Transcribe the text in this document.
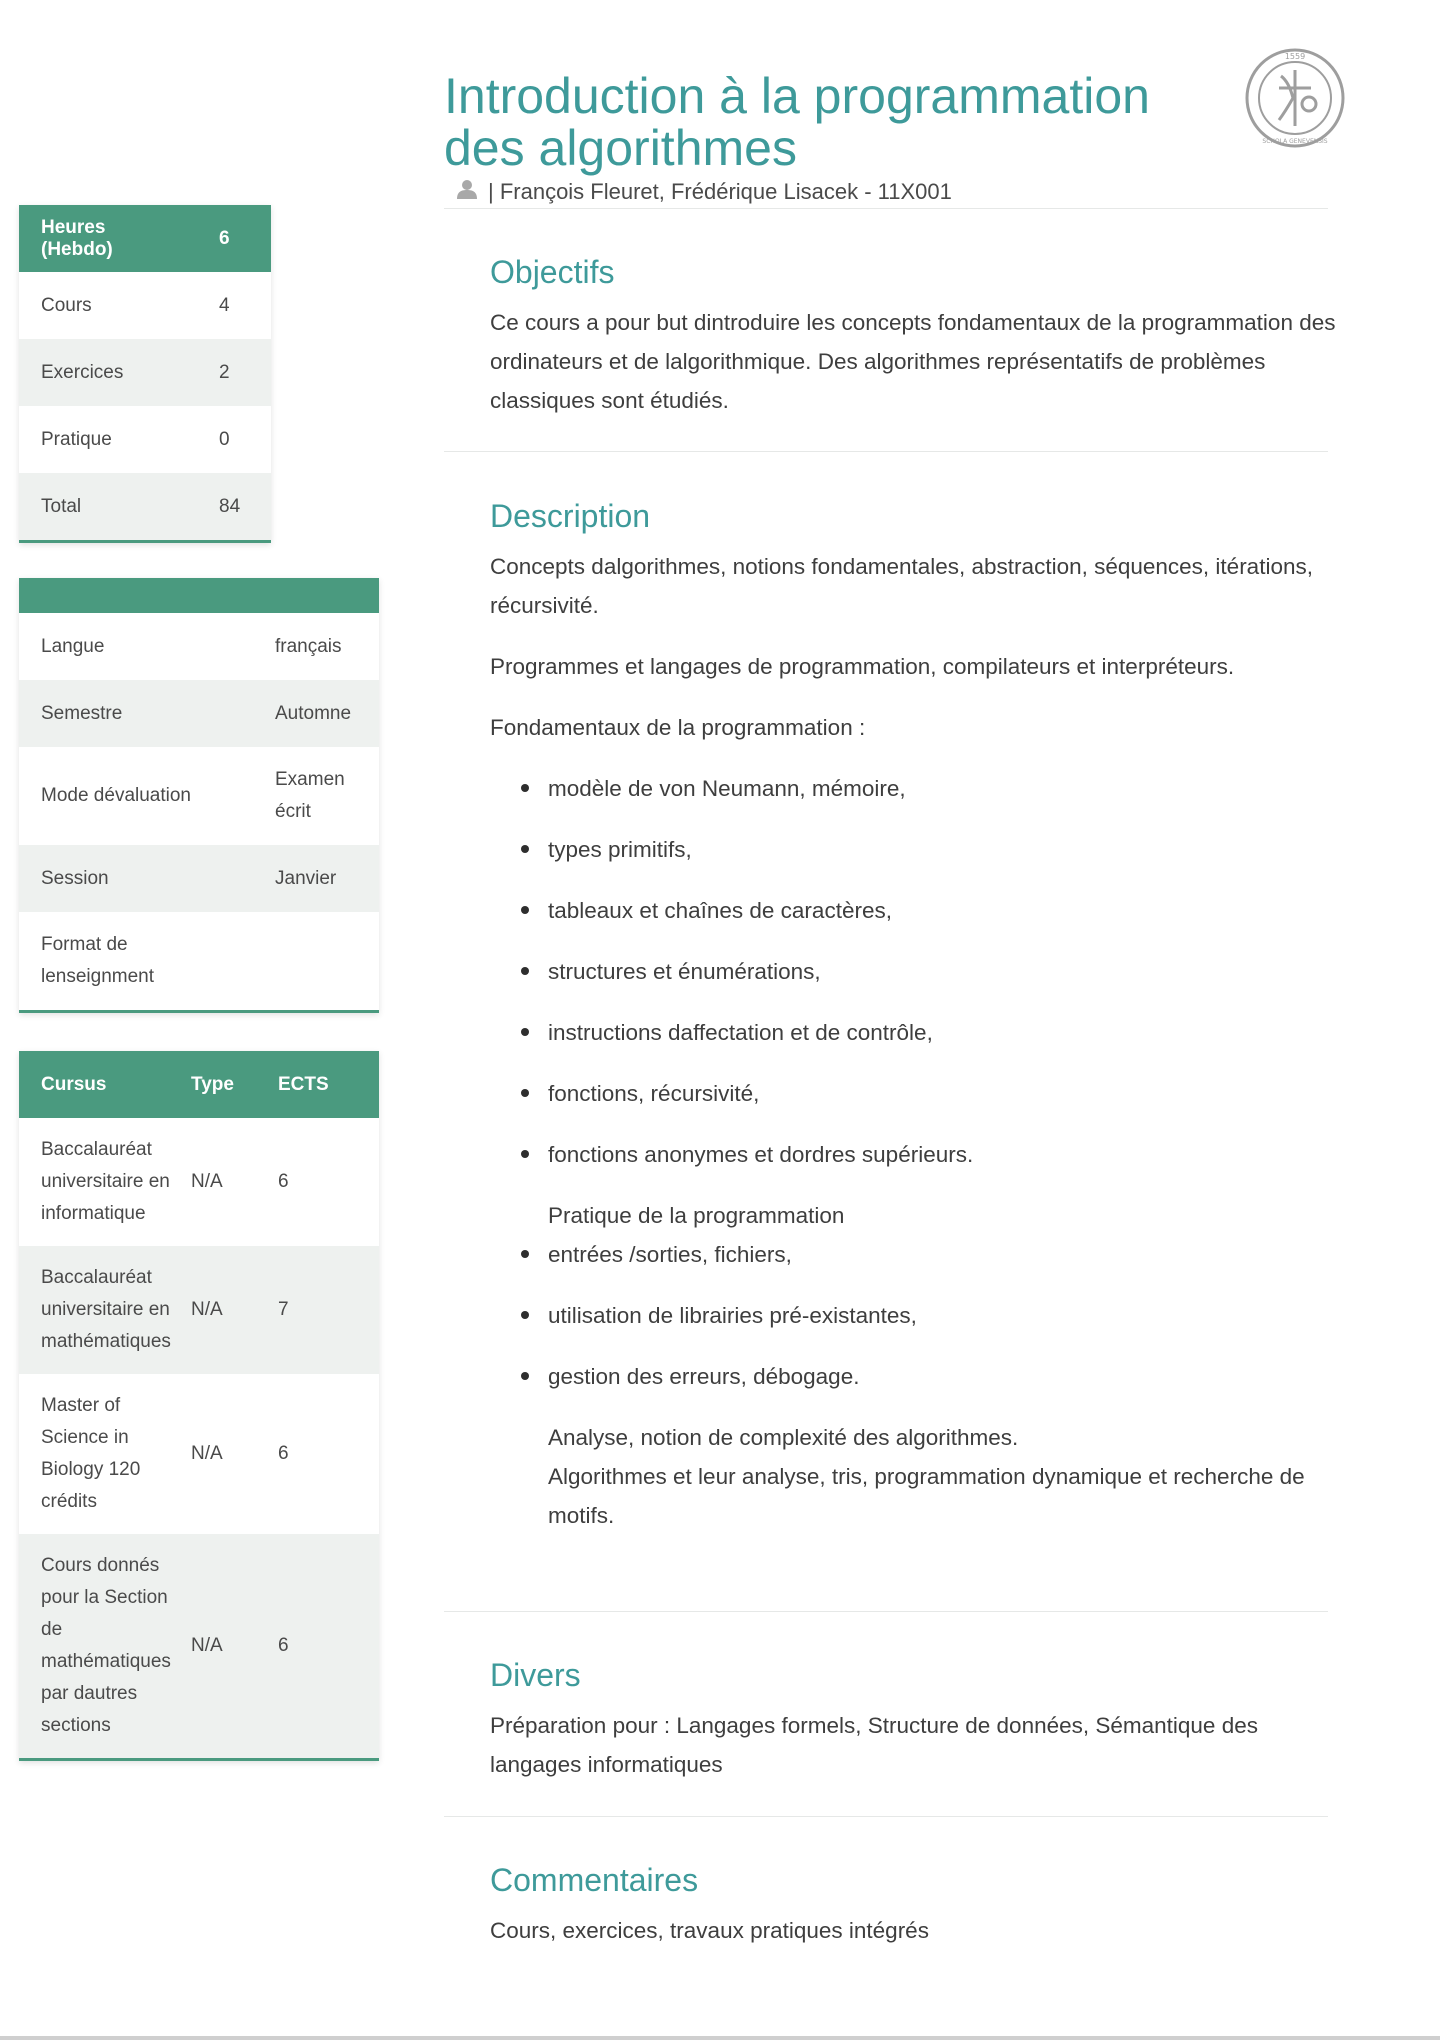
Heures (Hebdo)	6
Cours	4
Exercices	2
Pratique	0
Total	84

Langue	français
Semestre	Automne
Mode dévaluation	Examen écrit
Session	Janvier
Format de lenseignment	
Cursus	Type	ECTS
Baccalauréat universitaire en informatique	N/A	6
Baccalauréat universitaire en mathématiques	N/A	7
Master of Science in Biology 120 crédits	N/A	6
Cours donnés pour la Section de mathématiques par dautres sections	N/A	6
Introduction à la programmation des algorithmes
| François Fleuret, Frédérique Lisacek - 11X001
1559
SCHOLA GENEVENSIS
Objectifs

Ce cours a pour but dintroduire les concepts fondamentaux de la programmation des ordinateurs et de lalgorithmique. Des algorithmes représentatifs de problèmes classiques sont étudiés.

Description

Concepts dalgorithmes, notions fondamentales, abstraction, séquences, itérations, récursivité.

Programmes et langages de programmation, compilateurs et interpréteurs.

Fondamentaux de la programmation :

modèle de von Neumann, mémoire,
types primitifs,
tableaux et chaînes de caractères,
structures et énumérations,
instructions daffectation et de contrôle,
fonctions, récursivité,
fonctions anonymes et dordres supérieurs.

Pratique de la programmation

entrées /sorties, fichiers,
utilisation de librairies pré-existantes,
gestion des erreurs, débogage.

Analyse, notion de complexité des algorithmes.

Algorithmes et leur analyse, tris, programmation dynamique et recherche de motifs.

Divers

Préparation pour : Langages formels, Structure de données, Sémantique des langages informatiques

Commentaires

Cours, exercices, travaux pratiques intégrés
